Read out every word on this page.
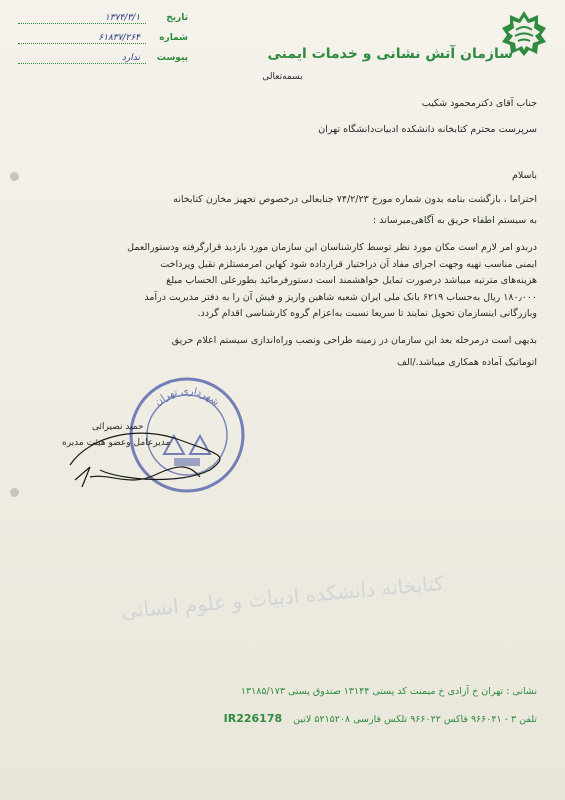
سازمان آتش نشانی و خدمات ایمنی
بسمه‌تعالی
تاریخ
۱۳۷۴/۳/۱
شماره
۶۱۸۳۷/۲۶۴
پیوست
ندارد
جناب آقای دکترمحمود شکیب
سرپرست محترم کتابخانه دانشکده ادبیات‌دانشگاه تهران
باسلام
احتراما ، بازگشت بنامه بدون شماره مورخ ۷۴/۲/۲۳ جنابعالی درخصوص تجهیز مخازن کتابخانه
به سیستم اطفاء حریق به آگاهی‌میرساند :
دربدو امر لازم است مکان مورد نظر توسط کارشناسان این سازمان مورد بازدید قرارگرفته ودستورالعمل
ایمنی مناسب تهیه وجهت اجرای مفاد آن دراختیار قرارداده شود کهاین امرمستلزم تقبل وپرداخت
هزینه‌های مترتبه میباشد درصورت تمایل خواهشمند است دستورفرمائید بطورعلی الحساب مبلغ
۱۸۰٫۰۰۰ ریال به‌حساب ۶۲۱۹ بانک ملی ایران شعبه شاهین واریز و فیش آن را به دفتر مدیریت درآمد
وبازرگانی اینسازمان تحویل نمایند تا سریعا نسبت به‌اعزام گروه کارشناسی اقدام گردد.
بدیهی است درمرحله بعد این سازمان در زمینه طراحی ونصب وراه‌اندازی سیستم اعلام حریق
اتوماتیک آماده همکاری میباشد./الف
شهرداری تهران
حمید نصیرائی
مدیرعامل وعضو هیئت مدیره
کتابخانه دانشکده ادبیات و علوم انسانی
نشانی : تهران خ آزادی خ میمنت کد پستی ۱۳۱۴۴ صندوق پستی ۱۳۱۸۵/۱۷۳
تلفن ۳ - ۹۶۶۰۴۱ فاکس ۹۶۶۰۲۲ تلکس فارسی ۵۲۱۵۲۰۸ لاتین IR226178
